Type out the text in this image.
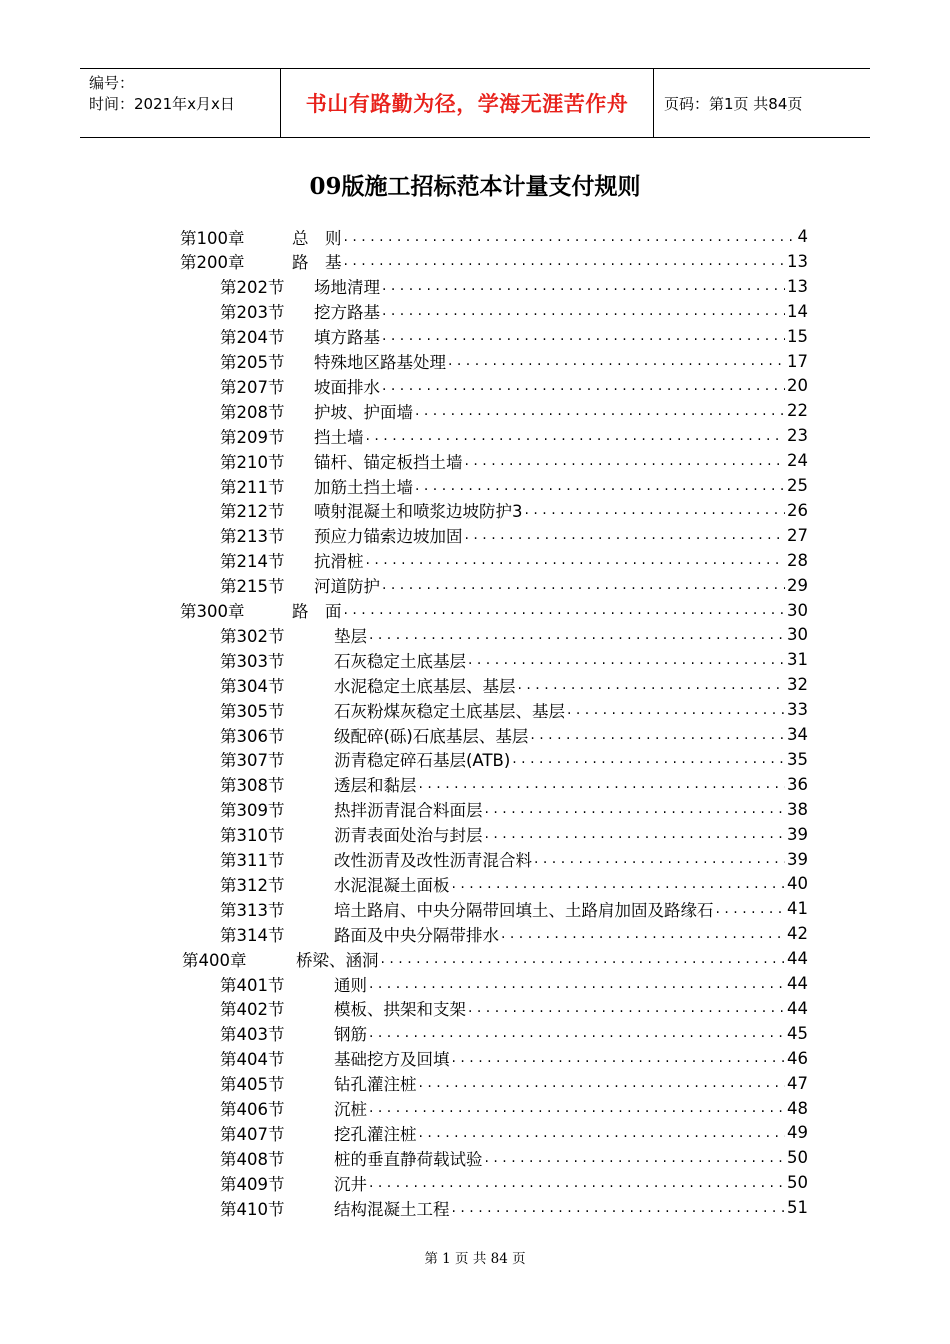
编号：
时间：2021年x月x日	书山有路勤为径，学海无涯苦作舟	页码：第1页 共84页
09版施工招标范本计量支付规则
第100章	总　则 . . .	4
第200章	路　基 . . .	13
第202节	场地清理 . . .	13
第203节	挖方路基 . . .	14
第204节	填方路基 . . .	15
第205节	特殊地区路基处理 . . .	17
第207节	坡面排水 . . .	20
第208节	护坡、护面墙 . . .	22
第209节	挡土墙 . . .	23
第210节	锚杆、锚定板挡土墙 . . .	24
第211节	加筋土挡土墙 . . .	25
第212节	喷射混凝土和喷浆边坡防护3 . . .	26
第213节	预应力锚索边坡加固 . . .	27
第214节	抗滑桩 . . .	28
第215节	河道防护 . . .	29
第300章	路　面 . . .	30
第302节	垫层 . . .	30
第303节	石灰稳定土底基层 . . .	31
第304节	水泥稳定土底基层、基层 . . .	32
第305节	石灰粉煤灰稳定土底基层、基层 . . .	33
第306节	级配碎(砾)石底基层、基层 . . .	34
第307节	沥青稳定碎石基层(ATB) . . .	35
第308节	透层和黏层 . . .	36
第309节	热拌沥青混合料面层 . . .	38
第310节	沥青表面处治与封层 . . .	39
第311节	改性沥青及改性沥青混合料 . . .	39
第312节	水泥混凝土面板 . . .	40
第313节	培土路肩、中央分隔带回填土、土路肩加固及路缘石 . . .	41
第314节	路面及中央分隔带排水 . . .	42
第400章	桥梁、涵洞 . . .	44
第401节	通则 . . .	44
第402节	模板、拱架和支架 . . .	44
第403节	钢筋 . . .	45
第404节	基础挖方及回填 . . .	46
第405节	钻孔灌注桩 . . .	47
第406节	沉桩 . . .	48
第407节	挖孔灌注桩 . . .	49
第408节	桩的垂直静荷载试验 . . .	50
第409节	沉井 . . .	50
第410节	结构混凝土工程 . . .	51
第 1 页 共 84 页
